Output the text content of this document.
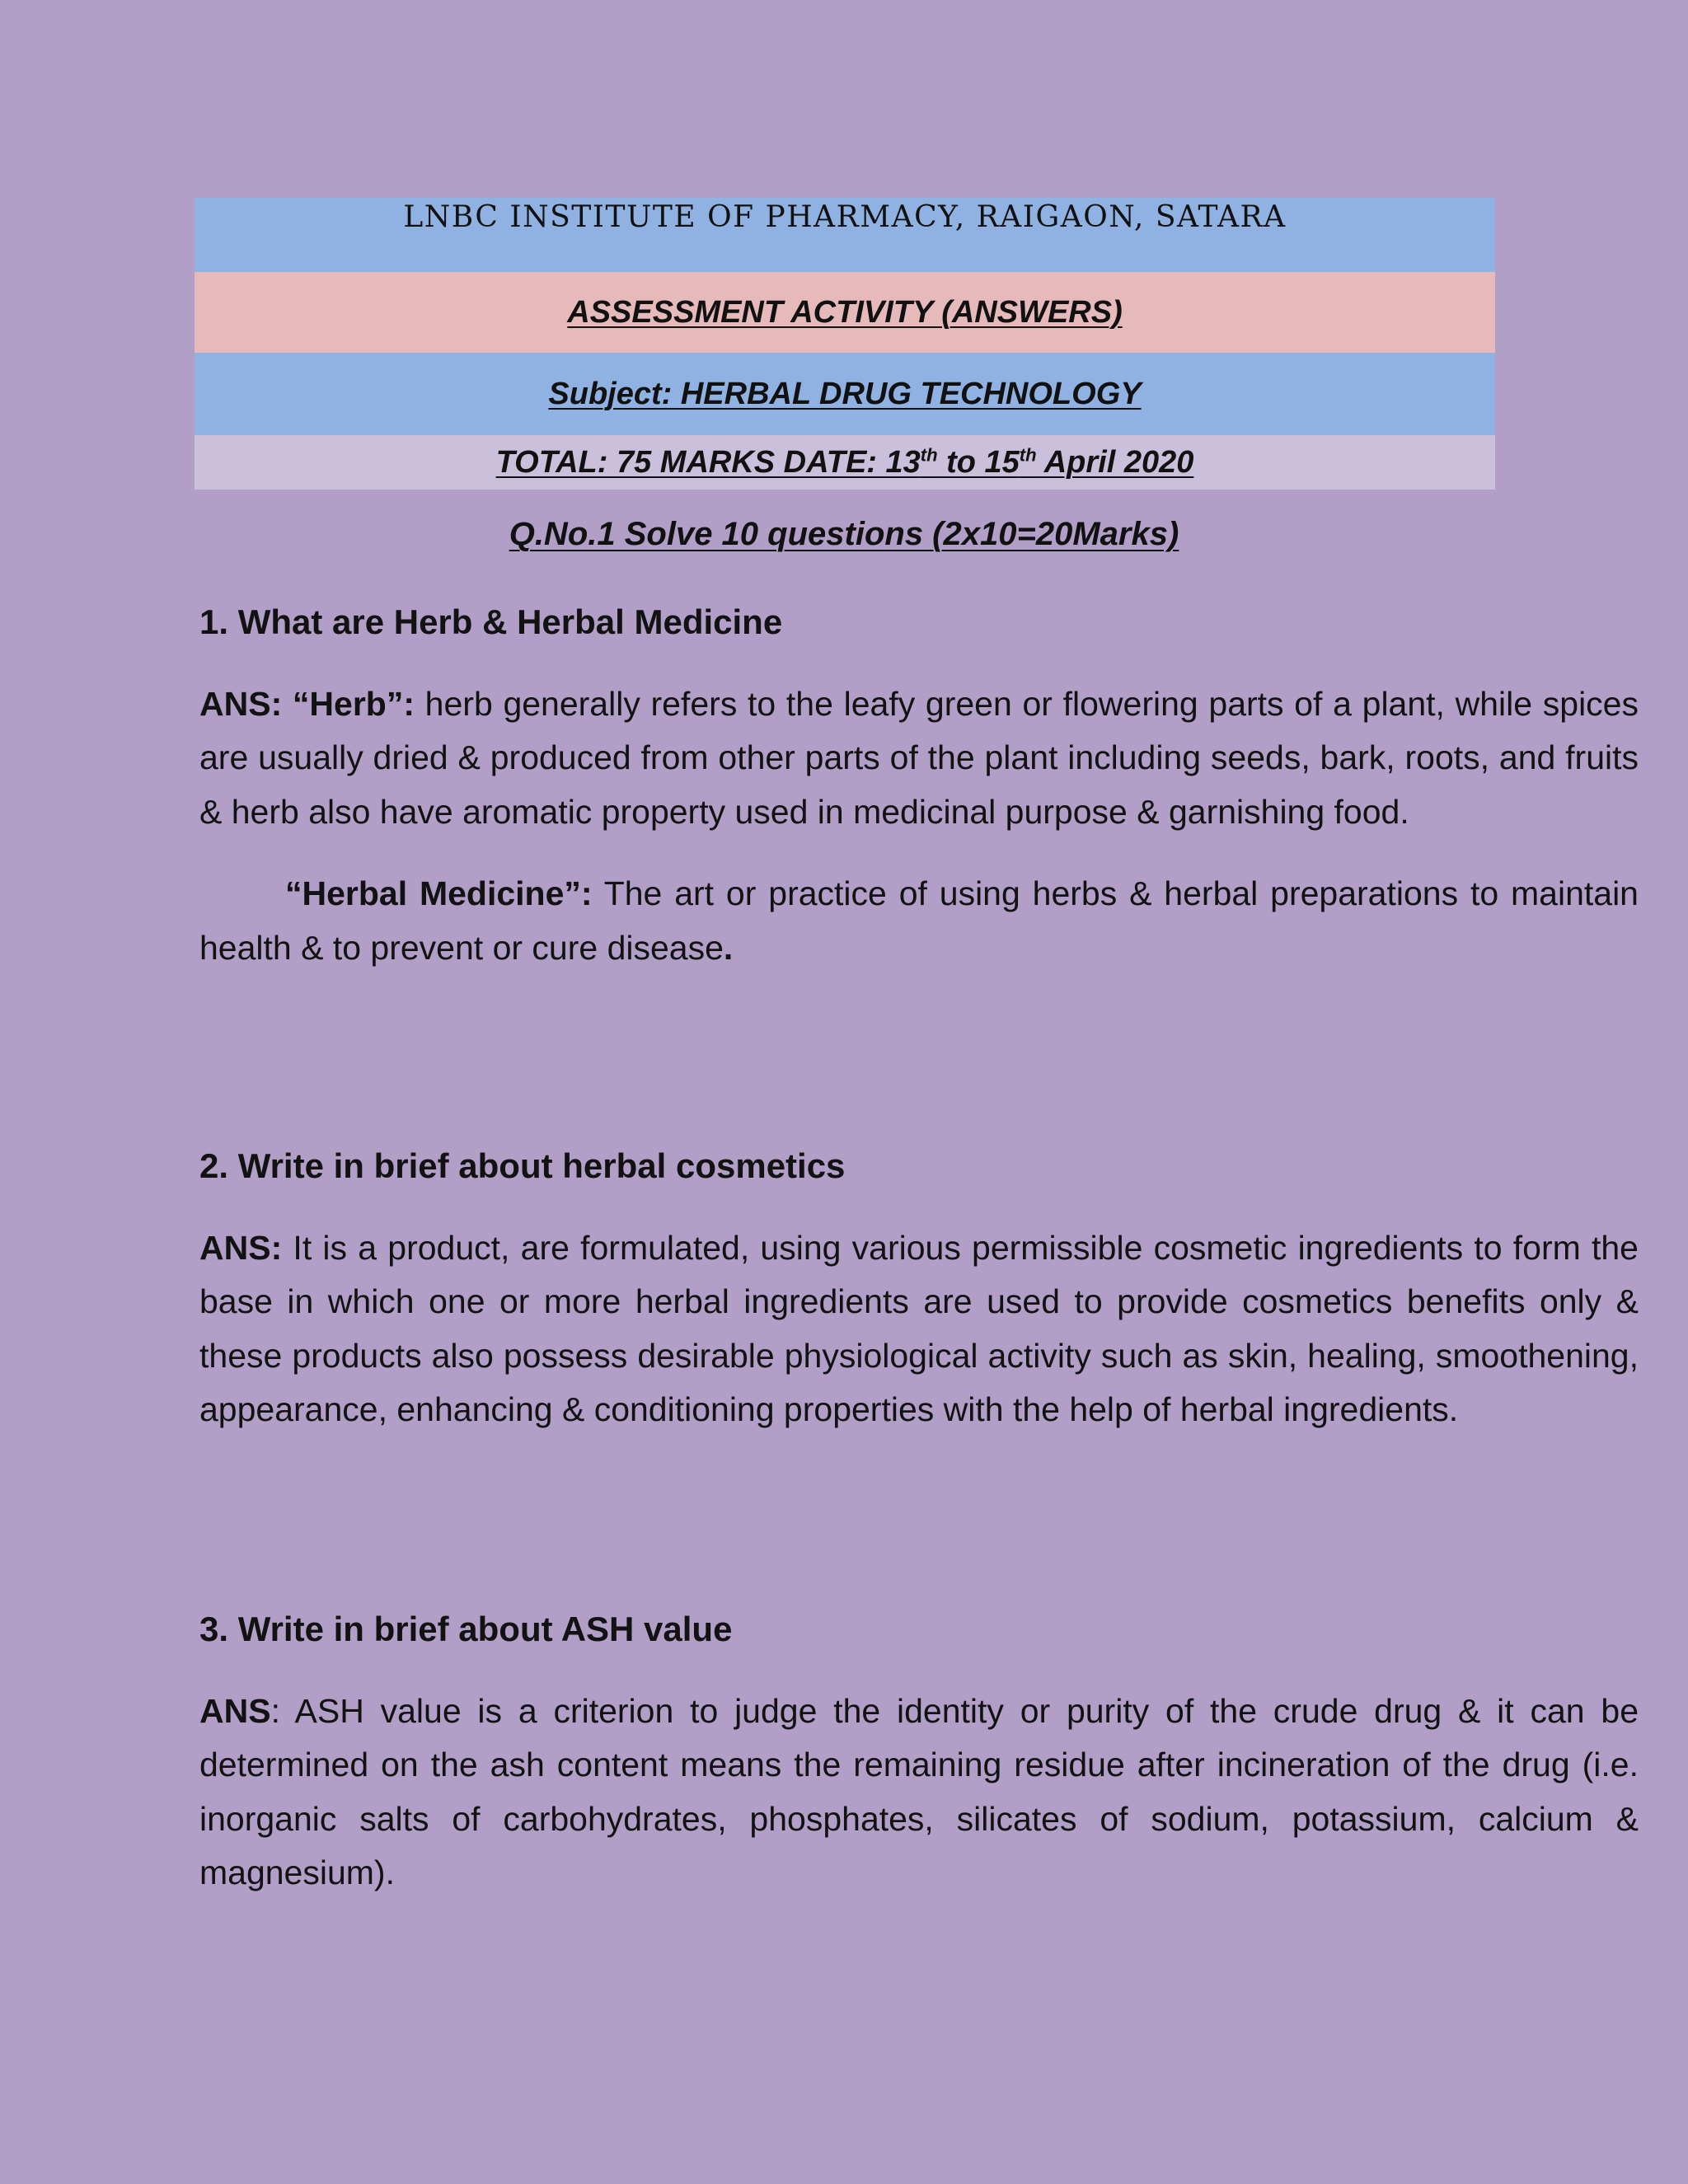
LNBC INSTITUTE OF PHARMACY, RAIGAON, SATARA
ASSESSMENT ACTIVITY (ANSWERS)
Subject: HERBAL DRUG TECHNOLOGY
TOTAL: 75 MARKS DATE: 13th to 15th April 2020
Q.No.1 Solve 10 questions (2x10=20Marks)

1. What are Herb & Herbal Medicine

ANS: “Herb”: herb generally refers to the leafy green or flowering parts of a plant, while spices are usually dried & produced from other parts of the plant including seeds, bark, roots, and fruits & herb also have aromatic property used in medicinal purpose & garnishing food.

“Herbal Medicine”: The art or practice of using herbs & herbal preparations to maintain health & to prevent or cure disease.

2. Write in brief about herbal cosmetics

ANS: It is a product, are formulated, using various permissible cosmetic ingredients to form the base in which one or more herbal ingredients are used to provide cosmetics benefits only & these products also possess desirable physiological activity such as skin, healing, smoothening, appearance, enhancing & conditioning properties with the help of herbal ingredients.

3. Write in brief about ASH value

ANS: ASH value is a criterion to judge the identity or purity of the crude drug & it can be determined on the ash content means the remaining residue after incineration of the drug (i.e. inorganic salts of carbohydrates, phosphates, silicates of sodium, potassium, calcium & magnesium).
